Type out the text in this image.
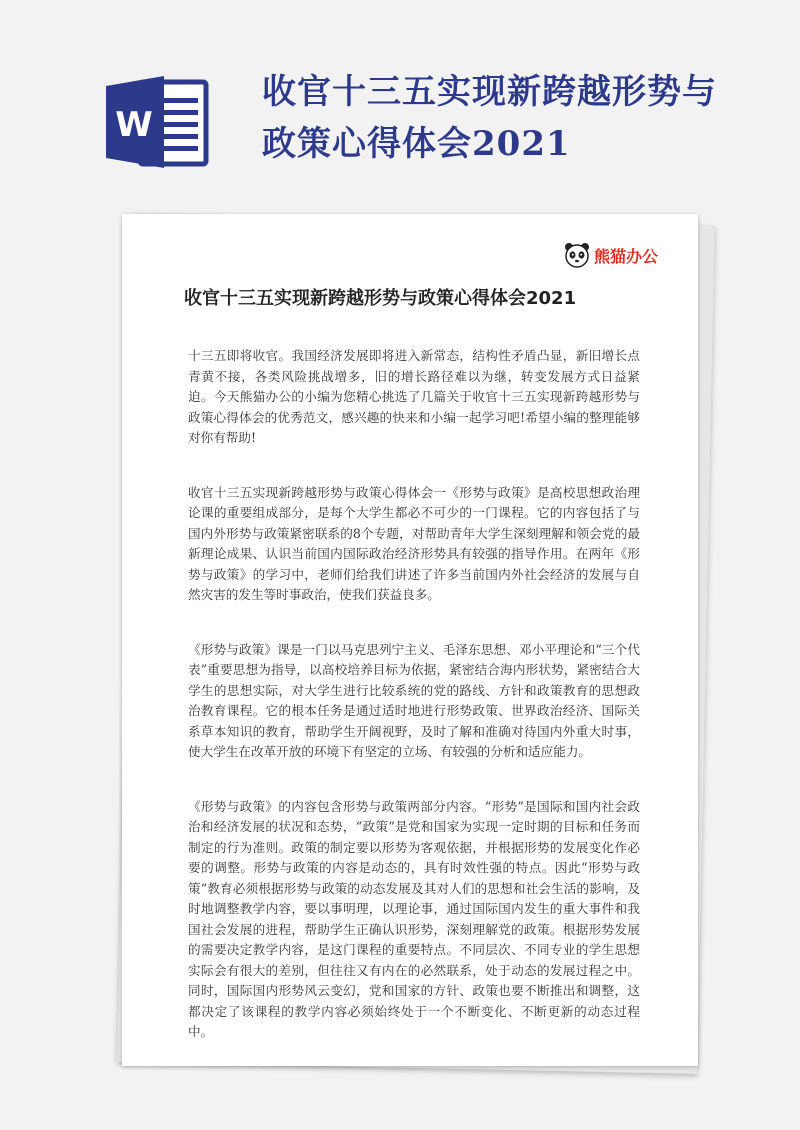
W
收官十三五实现新跨越形势与
政策心得体会2021
熊猫办公
收官十三五实现新跨越形势与政策心得体会2021

十三五即将收官。我国经济发展即将进入新常态，结构性矛盾凸显，新旧增长点青黄不接，各类风险挑战增多，旧的增长路径难以为继，转变发展方式日益紧迫。今天熊猫办公的小编为您精心挑选了几篇关于收官十三五实现新跨越形势与政策心得体会的优秀范文，感兴趣的快来和小编一起学习吧!希望小编的整理能够对你有帮助!

收官十三五实现新跨越形势与政策心得体会一《形势与政策》是高校思想政治理论课的重要组成部分，是每个大学生都必不可少的一门课程。它的内容包括了与国内外形势与政策紧密联系的8个专题，对帮助青年大学生深刻理解和领会党的最新理论成果、认识当前国内国际政治经济形势具有较强的指导作用。在两年《形势与政策》的学习中，老师们给我们讲述了许多当前国内外社会经济的发展与自然灾害的发生等时事政治，使我们获益良多。

《形势与政策》课是一门以马克思列宁主义、毛泽东思想、邓小平理论和“三个代表”重要思想为指导，以高校培养目标为依据，紧密结合海内形状势，紧密结合大学生的思想实际，对大学生进行比较系统的党的路线、方针和政策教育的思想政治教育课程。它的根本任务是通过适时地进行形势政策、世界政治经济、国际关系草本知识的教育，帮助学生开阔视野，及时了解和准确对待国内外重大时事，使大学生在改革开放的环境下有坚定的立场、有较强的分析和适应能力。

《形势与政策》的内容包含形势与政策两部分内容。“形势”是国际和国内社会政治和经济发展的状况和态势，“政策”是党和国家为实现一定时期的目标和任务而制定的行为准则。政策的制定要以形势为客观依据，并根据形势的发展变化作必要的调整。形势与政策的内容是动态的，具有时效性强的特点。因此“形势与政策”教育必须根据形势与政策的动态发展及其对人们的思想和社会生活的影响，及时地调整教学内容，要以事明理，以理论事，通过国际国内发生的重大事件和我国社会发展的进程，帮助学生正确认识形势，深刻理解党的政策。根据形势发展的需要决定教学内容，是这门课程的重要特点。不同层次、不同专业的学生思想实际会有很大的差别，但往往又有内在的必然联系，处于动态的发展过程之中。同时，国际国内形势风云变幻，党和国家的方针、政策也要不断推出和调整，这都决定了该课程的教学内容必须始终处于一个不断变化、不断更新的动态过程中。
